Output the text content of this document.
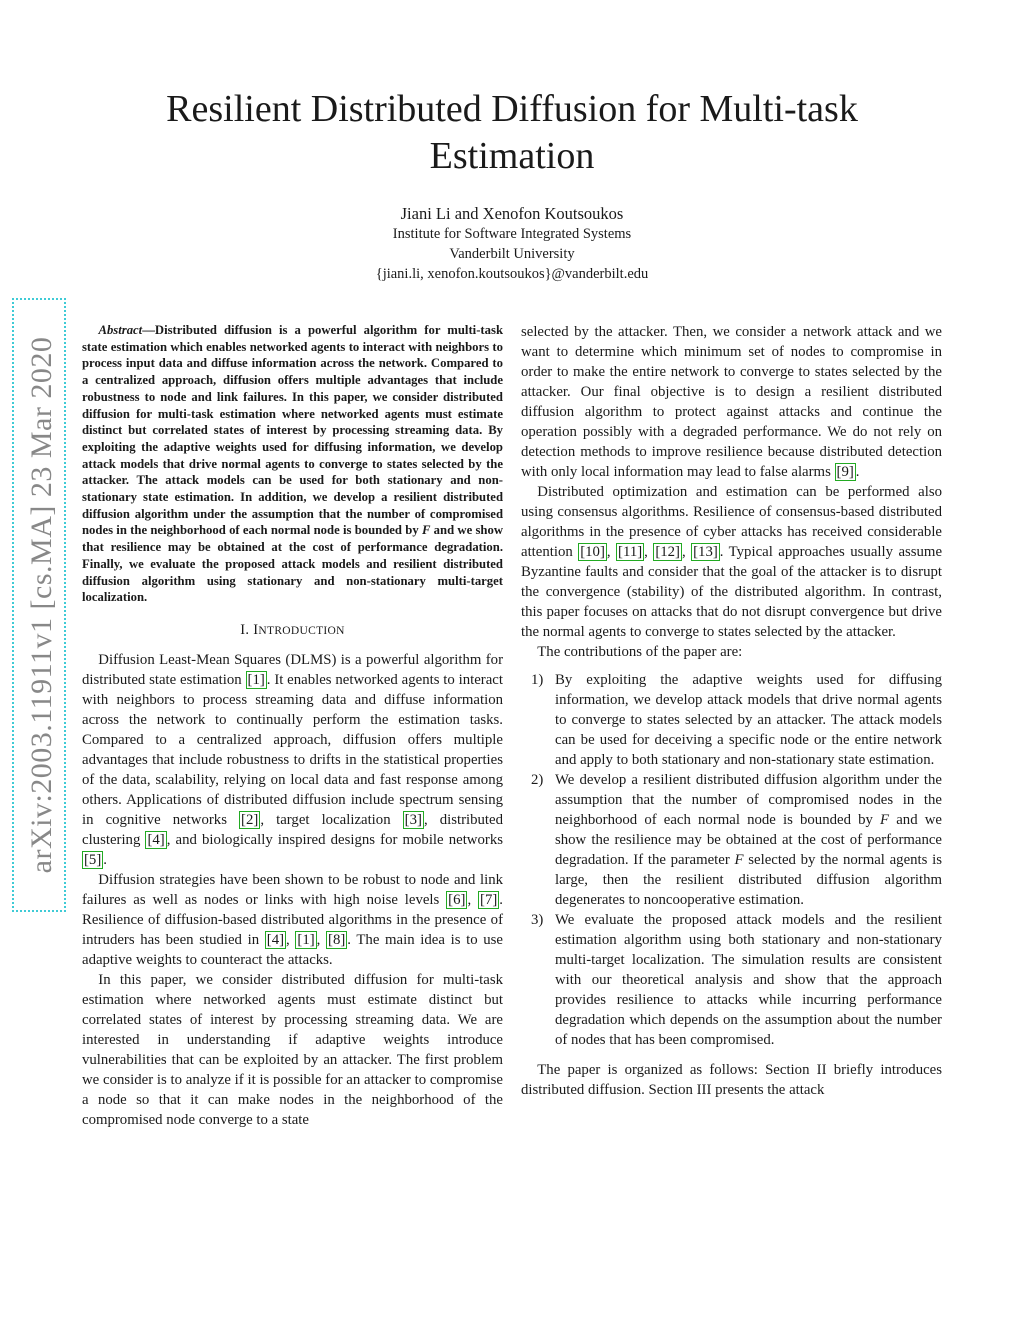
Resilient Distributed Diffusion for Multi-task Estimation
Jiani Li and Xenofon Koutsoukos
Institute for Software Integrated Systems
Vanderbilt University
{jiani.li, xenofon.koutsoukos}@vanderbilt.edu
arXiv:2003.11911v1 [cs.MA] 23 Mar 2020

Abstract—Distributed diffusion is a powerful algorithm for multi-task state estimation which enables networked agents to interact with neighbors to process input data and diffuse information across the network. Compared to a centralized approach, diffusion offers multiple advantages that include robustness to node and link failures. In this paper, we consider distributed diffusion for multi-task estimation where networked agents must estimate distinct but correlated states of interest by processing streaming data. By exploiting the adaptive weights used for diffusing information, we develop attack models that drive normal agents to converge to states selected by the attacker. The attack models can be used for both stationary and non-stationary state estimation. In addition, we develop a resilient distributed diffusion algorithm under the assumption that the number of compromised nodes in the neighborhood of each normal node is bounded by F and we show that resilience may be obtained at the cost of performance degradation. Finally, we evaluate the proposed attack models and resilient distributed diffusion algorithm using stationary and non-stationary multi-target localization.

I. INTRODUCTION

Diffusion Least-Mean Squares (DLMS) is a powerful algorithm for distributed state estimation [1] . It enables networked agents to interact with neighbors to process streaming data and diffuse information across the network to continually perform the estimation tasks. Compared to a centralized approach, diffusion offers multiple advantages that include robustness to drifts in the statistical properties of the data, scalability, relying on local data and fast response among others. Applications of distributed diffusion include spectrum sensing in cognitive networks [2] , target localization [3] , distributed clustering [4] , and biologically inspired designs for mobile networks [5] .

Diffusion strategies have been shown to be robust to node and link failures as well as nodes or links with high noise levels [6] , [7] . Resilience of diffusion-based distributed algorithms in the presence of intruders has been studied in [4] , [1] , [8] . The main idea is to use adaptive weights to counteract the attacks.

In this paper, we consider distributed diffusion for multi-task estimation where networked agents must estimate distinct but correlated states of interest by processing streaming data. We are interested in understanding if adaptive weights introduce vulnerabilities that can be exploited by an attacker. The first problem we consider is to analyze if it is possible for an attacker to compromise a node so that it can make nodes in the neighborhood of the compromised node converge to a state

selected by the attacker. Then, we consider a network attack and we want to determine which minimum set of nodes to compromise in order to make the entire network to converge to states selected by the attacker. Our final objective is to design a resilient distributed diffusion algorithm to protect against attacks and continue the operation possibly with a degraded performance. We do not rely on detection methods to improve resilience because distributed detection with only local information may lead to false alarms [9] .

Distributed optimization and estimation can be performed also using consensus algorithms. Resilience of consensus-based distributed algorithms in the presence of cyber attacks has received considerable attention [10] , [11] , [12] , [13] . Typical approaches usually assume Byzantine faults and consider that the goal of the attacker is to disrupt the convergence (stability) of the distributed algorithm. In contrast, this paper focuses on attacks that do not disrupt convergence but drive the normal agents to converge to states selected by the attacker.

The contributions of the paper are:

1) By exploiting the adaptive weights used for diffusing information, we develop attack models that drive normal agents to converge to states selected by an attacker. The attack models can be used for deceiving a specific node or the entire network and apply to both stationary and non-stationary state estimation.
2) We develop a resilient distributed diffusion algorithm under the assumption that the number of compromised nodes in the neighborhood of each normal node is bounded by F and we show the resilience may be obtained at the cost of performance degradation. If the parameter F selected by the normal agents is large, then the resilient distributed diffusion algorithm degenerates to noncooperative estimation.
3) We evaluate the proposed attack models and the resilient estimation algorithm using both stationary and non-stationary multi-target localization. The simulation results are consistent with our theoretical analysis and show that the approach provides resilience to attacks while incurring performance degradation which depends on the assumption about the number of nodes that has been compromised.

The paper is organized as follows: Section II briefly introduces distributed diffusion. Section III presents the attack
